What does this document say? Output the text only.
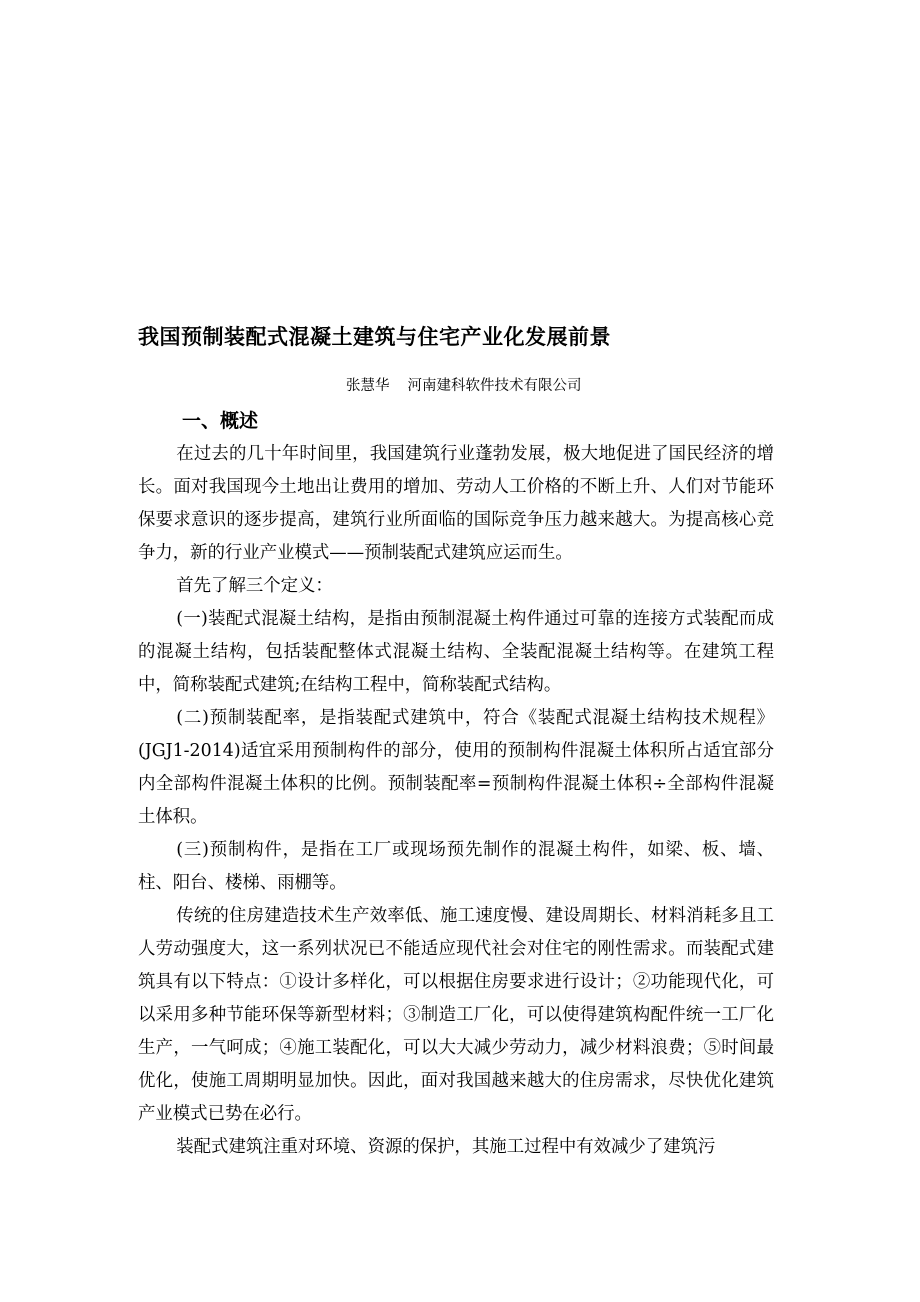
我国预制装配式混凝土建筑与住宅产业化发展前景
张慧华 河南建科软件技术有限公司
一、概述

在过去的几十年时间里，我国建筑行业蓬勃发展，极大地促进了国民经济的增长。面对我国现今土地出让费用的增加、劳动人工价格的不断上升、人们对节能环保要求意识的逐步提高，建筑行业所面临的国际竞争压力越来越大。为提高核心竞争力，新的行业产业模式——预制装配式建筑应运而生。

首先了解三个定义：

(一)装配式混凝土结构，是指由预制混凝土构件通过可靠的连接方式装配而成的混凝土结构，包括装配整体式混凝土结构、全装配混凝土结构等。在建筑工程中，简称装配式建筑;在结构工程中，简称装配式结构。

(二)预制装配率，是指装配式建筑中，符合《装配式混凝土结构技术规程》(JGJ1-2014)适宜采用预制构件的部分，使用的预制构件混凝土体积所占适宜部分内全部构件混凝土体积的比例。预制装配率=预制构件混凝土体积÷全部构件混凝土体积。

(三)预制构件，是指在工厂或现场预先制作的混凝土构件，如梁、板、墙、柱、阳台、楼梯、雨棚等。

传统的住房建造技术生产效率低、施工速度慢、建设周期长、材料消耗多且工人劳动强度大，这一系列状况已不能适应现代社会对住宅的刚性需求。而装配式建筑具有以下特点：①设计多样化，可以根据住房要求进行设计；②功能现代化，可以采用多种节能环保等新型材料；③制造工厂化，可以使得建筑构配件统一工厂化生产，一气呵成；④施工装配化，可以大大减少劳动力，减少材料浪费；⑤时间最优化，使施工周期明显加快。因此，面对我国越来越大的住房需求，尽快优化建筑产业模式已势在必行。

装配式建筑注重对环境、资源的保护，其施工过程中有效减少了建筑污
